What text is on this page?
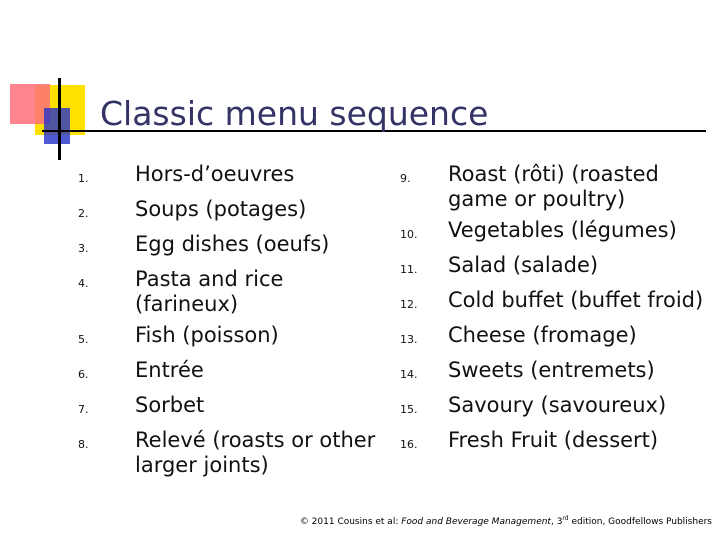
Classic menu sequence
1.	Hors-d’oeuvres
2.	Soups (potages)
3.	Egg dishes (oeufs)
4.	Pasta and rice (farineux)
5.	Fish (poisson)
6.	Entrée
7.	Sorbet
8.	Relevé (roasts or other larger joints)
9.	Roast (rôti) (roasted game or poultry)
10.	Vegetables (légumes)
11.	Salad (salade)
12.	Cold buffet (buffet froid)
13.	Cheese (fromage)
14.	Sweets (entremets)
15.	Savoury (savoureux)
16.	Fresh Fruit (dessert)
© 2011 Cousins et al: Food and Beverage Management, 3rd edition, Goodfellows Publishers
